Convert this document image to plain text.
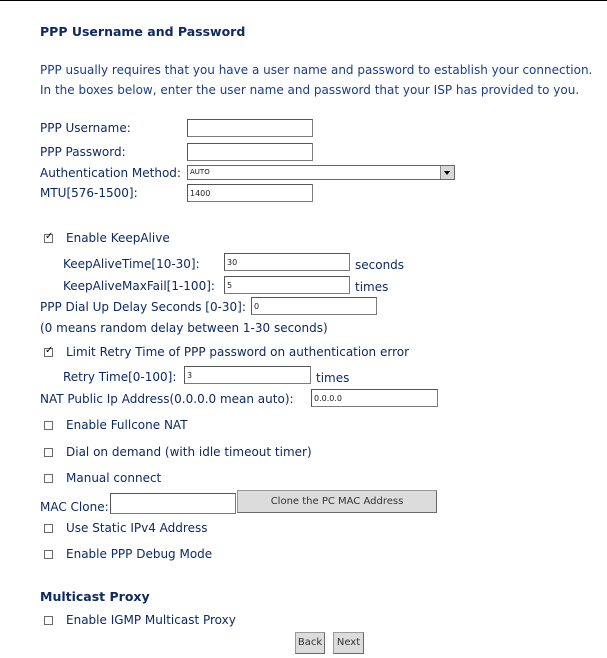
PPP Username and Password
PPP usually requires that you have a user name and password to establish your connection.
In the boxes below, enter the user name and password that your ISP has provided to you.
PPP Username:
PPP Password:
Authentication Method:	AUTO
MTU[576-1500]:
1400
✓
Enable KeepAlive
KeepAliveTime[10-30]:
30	seconds
KeepAliveMaxFail[1-100]:
5	times
PPP Dial Up Delay Seconds [0-30]:
0
(0 means random delay between 1-30 seconds)
✓
Limit Retry Time of PPP password on authentication error
Retry Time[0-100]:
3	times
NAT Public Ip Address(0.0.0.0 mean auto):
0.0.0.0
Enable Fullcone NAT
Dial on demand (with idle timeout timer)
Manual connect
MAC Clone:	Clone the PC MAC Address
Use Static IPv4 Address
Enable PPP Debug Mode
Multicast Proxy
Enable IGMP Multicast Proxy
Back	Next
